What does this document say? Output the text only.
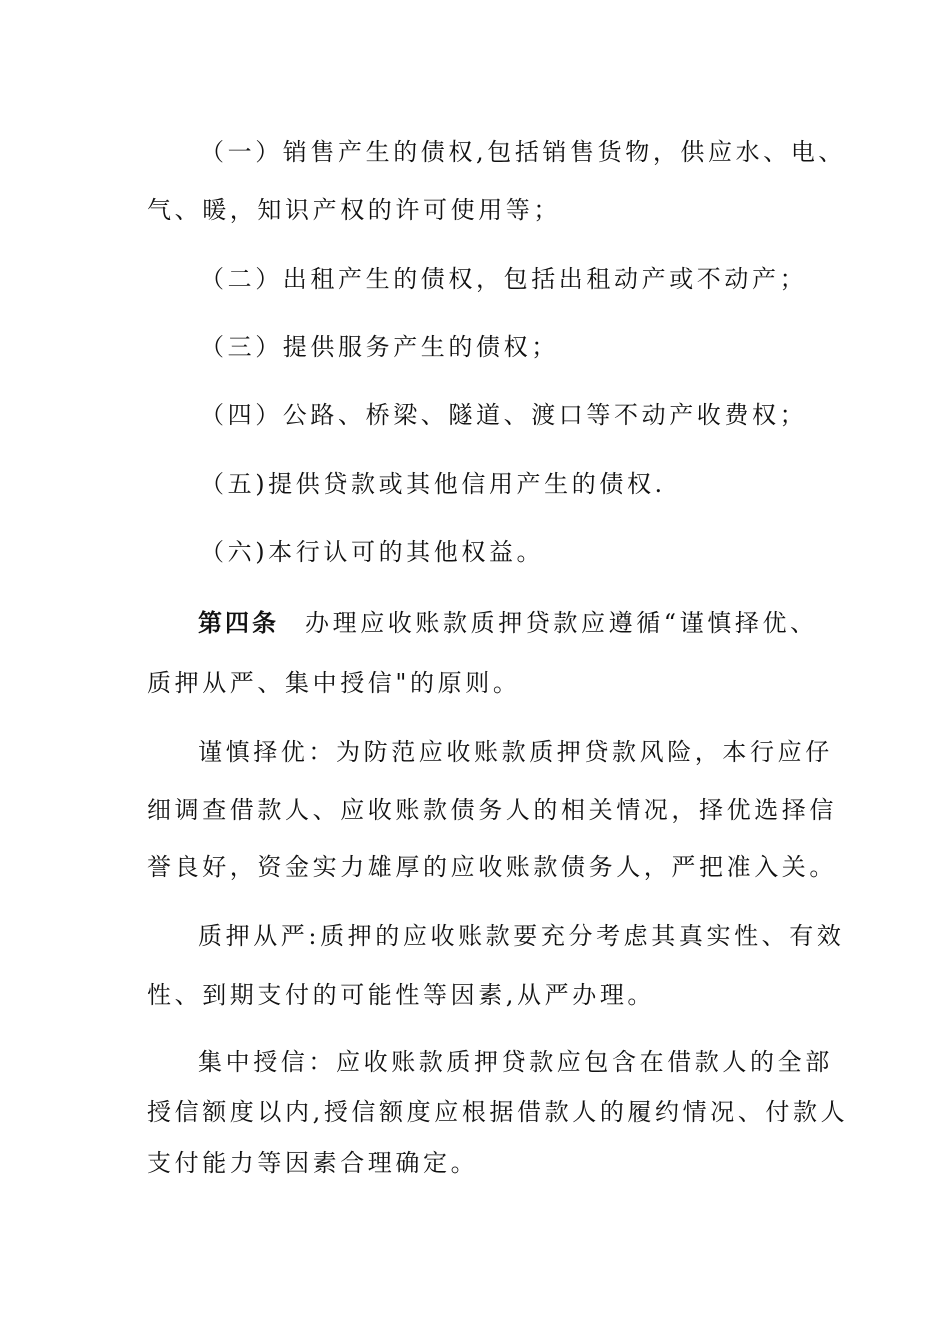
（一）销售产生的债权,包括销售货物，供应水、电、
气、暖，知识产权的许可使用等；
（二）出租产生的债权，包括出租动产或不动产；
（三）提供服务产生的债权；
（四）公路、桥梁、隧道、渡口等不动产收费权；
（五)提供贷款或其他信用产生的债权.
（六)本行认可的其他权益。
第四条 办理应收账款质押贷款应遵循“谨慎择优、
质押从严、集中授信"的原则。
谨慎择优：为防范应收账款质押贷款风险，本行应仔
细调查借款人、应收账款债务人的相关情况，择优选择信
誉良好，资金实力雄厚的应收账款债务人，严把准入关。
质押从严:质押的应收账款要充分考虑其真实性、有效
性、到期支付的可能性等因素,从严办理。
集中授信：应收账款质押贷款应包含在借款人的全部
授信额度以内,授信额度应根据借款人的履约情况、付款人
支付能力等因素合理确定。
